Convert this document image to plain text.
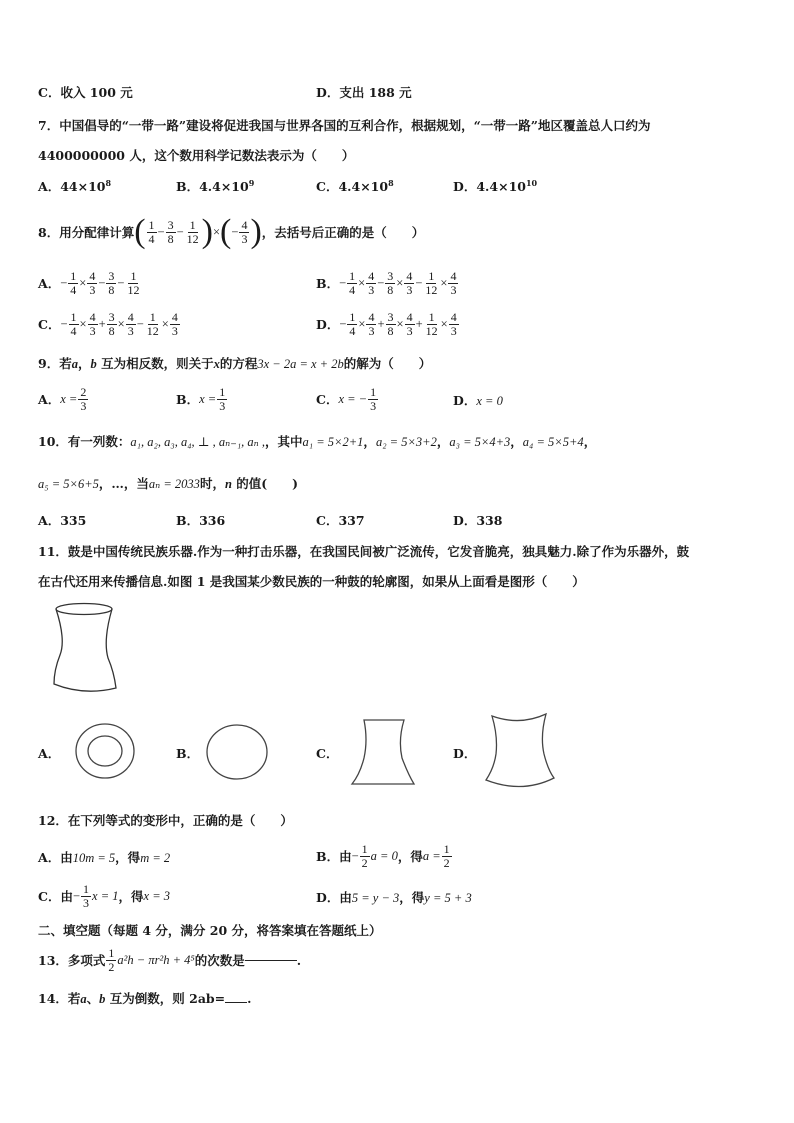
C．收入 100 元	D．支出 188 元
7．中国倡导的“一带一路”建设将促进我国与世界各国的互利合作，根据规划，“一带一路”地区覆盖总人口约为
4400000000 人，这个数用科学记数法表示为（　　）
A．$44\times 10^8$	B．$4.4\times 10^9$	C．$4.4\times 10^8$	D．$4.4\times 10^{10}$
8．用分配律计算 ( $\frac{1}{4} - \frac{3}{8} - \frac{1}{12}$ ) × ( − $\frac{4}{3}$ ) ，去括号后正确的是（　　）
A． − $\frac{1}{4} \times \frac{4}{3} - \frac{3}{8} - \frac{1}{12}$	B． − $\frac{1}{4} \times \frac{4}{3} - \frac{3}{8} \times \frac{4}{3} - \frac{1}{12} \times \frac{4}{3}$
C． − $\frac{1}{4} \times \frac{4}{3} + \frac{3}{8} \times \frac{4}{3} - \frac{1}{12} \times \frac{4}{3}$	D． − $\frac{1}{4} \times \frac{4}{3} + \frac{3}{8} \times \frac{4}{3} + \frac{1}{12} \times \frac{4}{3}$
9．若a，b 互为相反数，则关于x的方程3x − 2a = x + 2b的解为（　　）
A． $x = \frac{2}{3}$	B． $x = \frac{1}{3}$	C． x = − $\frac{1}{3}$	D．x = 0
10．有一列数：a₁, a₂, a₃, a₄, ⊥ , aₙ₋₁, aₙ ,，其中a₁ = 5×2+1，a₂ = 5×3+2，a₃ = 5×4+3，a₄ = 5×5+4，
a₅ = 5×6+5，…，当aₙ = 2033时，n 的值(　　)
A．335	B．336	C．337	D．338
11．鼓是中国传统民族乐器.作为一种打击乐器，在我国民间被广泛流传，它发音脆亮，独具魅力.除了作为乐器外，鼓
在古代还用来传播信息.如图 1 是我国某少数民族的一种鼓的轮廓图，如果从上面看是图形（　　）
A．	B．	C．	D．
12．在下列等式的变形中，正确的是（　　）
A．由10m = 5，得m = 2	B．由 − $\frac{1}{2}$ a = 0 ，得 $a = \frac{1}{2}$
C．由 − $\frac{1}{3}$ x = 1 ，得 x = 3	D．由5 = y − 3，得y = 5 + 3
二、填空题（每题 4 分，满分 20 分，将答案填在答题纸上）
13．多项式 $\frac{1}{2} a^2h - \pi r^2h + 4^5$ 的次数是	.
14．若a、b 互为倒数，则 2ab= .
